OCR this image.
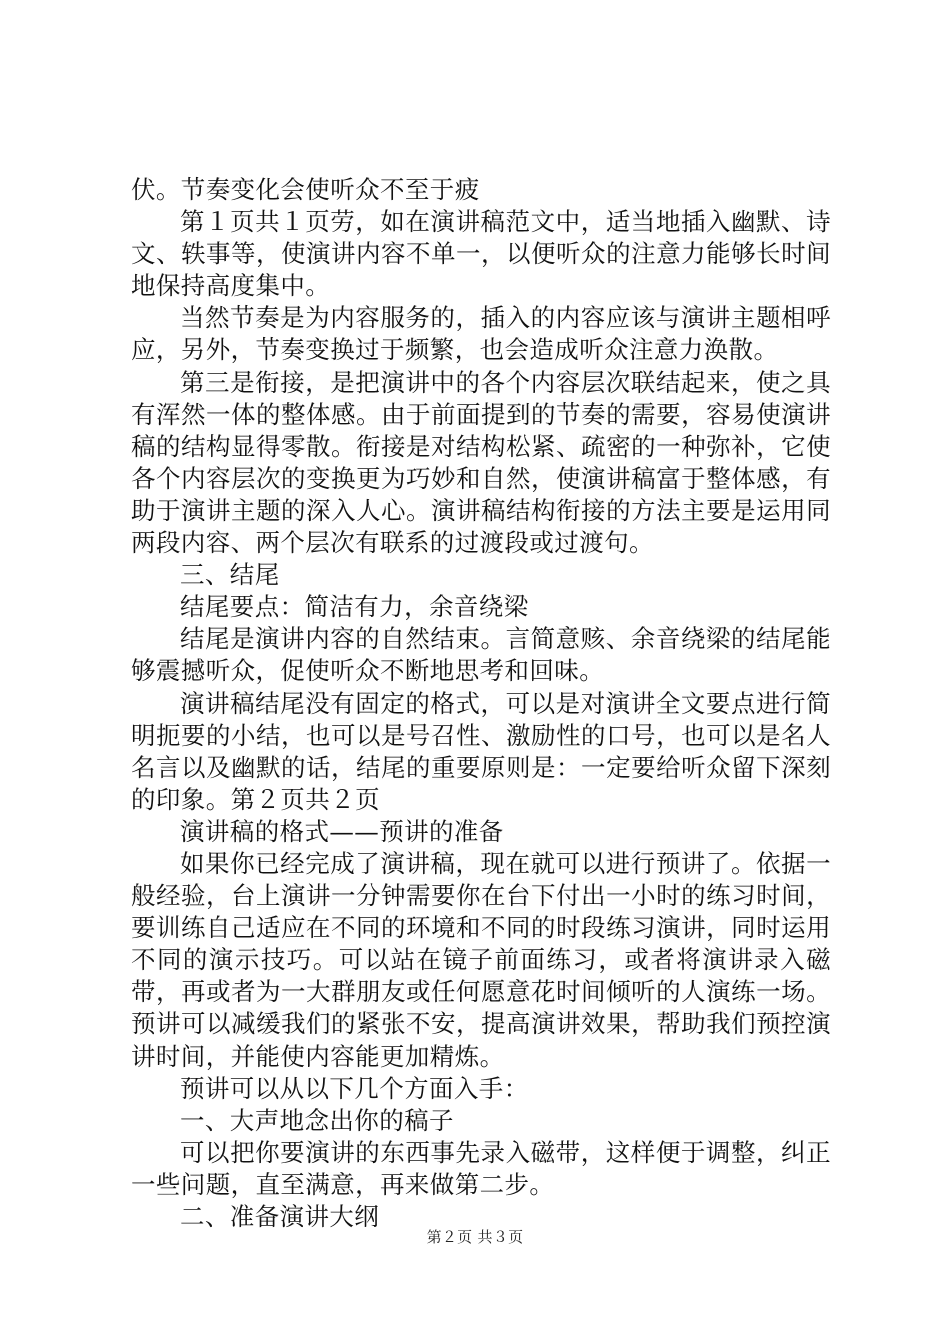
伏。节奏变化会使听众不至于疲

第１页共１页劳，如在演讲稿范文中，适当地插入幽默、诗文、轶事等，使演讲内容不单一，以便听众的注意力能够长时间地保持高度集中。

当然节奏是为内容服务的，插入的内容应该与演讲主题相呼应，另外，节奏变换过于频繁，也会造成听众注意力涣散。

第三是衔接，是把演讲中的各个内容层次联结起来，使之具有浑然一体的整体感。由于前面提到的节奏的需要，容易使演讲稿的结构显得零散。衔接是对结构松紧、疏密的一种弥补，它使各个内容层次的变换更为巧妙和自然，使演讲稿富于整体感，有助于演讲主题的深入人心。演讲稿结构衔接的方法主要是运用同两段内容、两个层次有联系的过渡段或过渡句。

三、结尾

结尾要点：简洁有力，余音绕梁

结尾是演讲内容的自然结束。言简意赅、余音绕梁的结尾能够震撼听众，促使听众不断地思考和回味。

演讲稿结尾没有固定的格式，可以是对演讲全文要点进行简明扼要的小结，也可以是号召性、激励性的口号，也可以是名人名言以及幽默的话，结尾的重要原则是：一定要给听众留下深刻的印象。第２页共２页

演讲稿的格式——预讲的准备

如果你已经完成了演讲稿，现在就可以进行预讲了。依据一般经验，台上演讲一分钟需要你在台下付出一小时的练习时间，要训练自己适应在不同的环境和不同的时段练习演讲，同时运用不同的演示技巧。可以站在镜子前面练习，或者将演讲录入磁带，再或者为一大群朋友或任何愿意花时间倾听的人演练一场。预讲可以减缓我们的紧张不安，提高演讲效果，帮助我们预控演讲时间，并能使内容能更加精炼。

预讲可以从以下几个方面入手：

一、大声地念出你的稿子

可以把你要演讲的东西事先录入磁带，这样便于调整，纠正一些问题，直至满意，再来做第二步。

二、准备演讲大纲

第２页 共３页
